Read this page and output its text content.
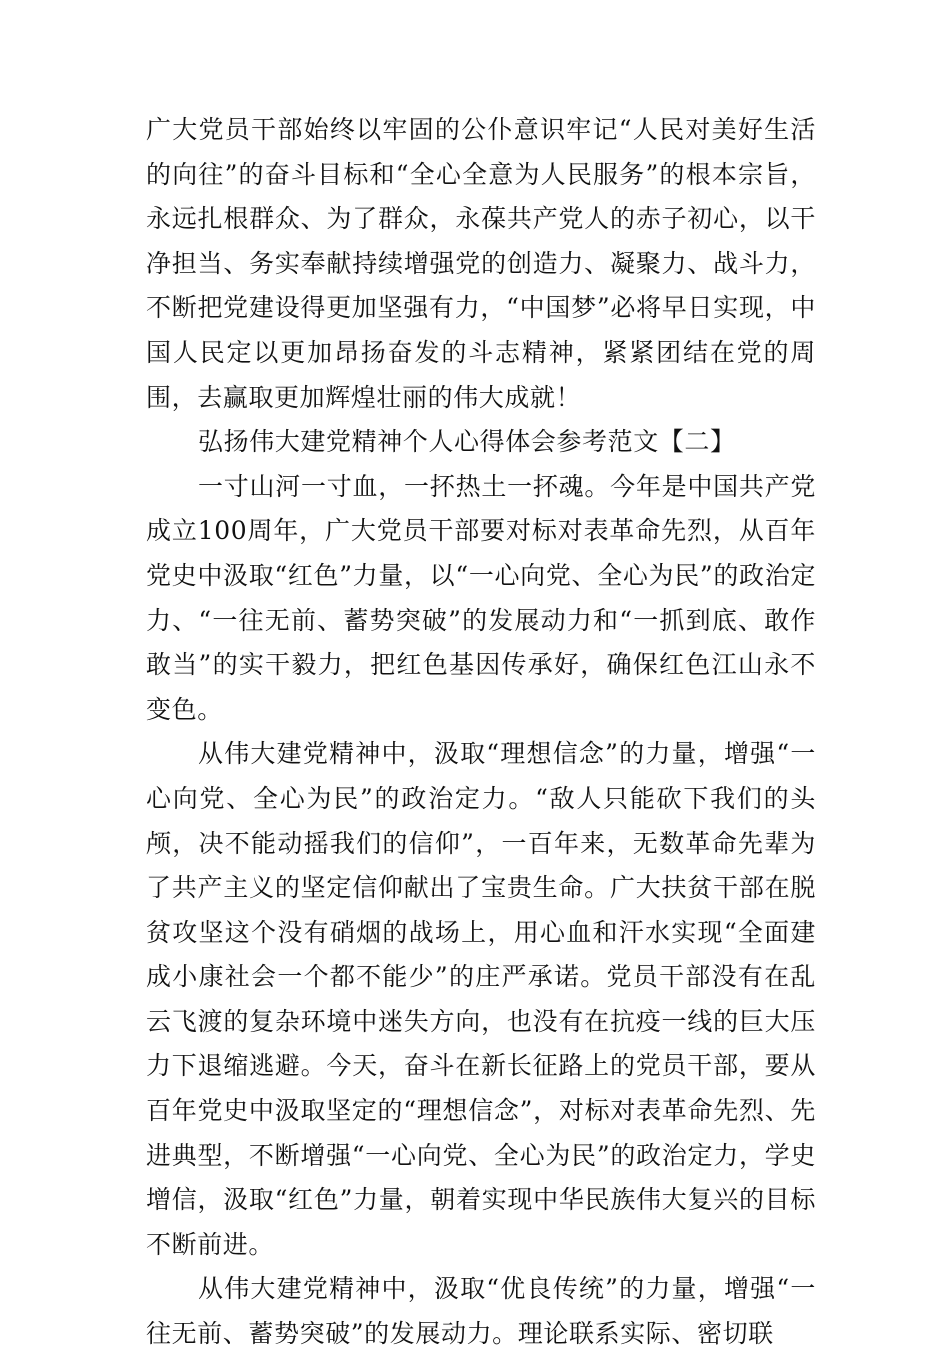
广大党员干部始终以牢固的公仆意识牢记“人民对美好生活的向往”的奋斗目标和“全心全意为人民服务”的根本宗旨，永远扎根群众、为了群众，永葆共产党人的赤子初心，以干净担当、务实奉献持续增强党的创造力、凝聚力、战斗力，不断把党建设得更加坚强有力，“中国梦”必将早日实现，中国人民定以更加昂扬奋发的斗志精神，紧紧团结在党的周围，去赢取更加辉煌壮丽的伟大成就！

弘扬伟大建党精神个人心得体会参考范文【二】

一寸山河一寸血，一抔热土一抔魂。今年是中国共产党成立100周年，广大党员干部要对标对表革命先烈，从百年党史中汲取“红色”力量，以“一心向党、全心为民”的政治定力、“一往无前、蓄势突破”的发展动力和“一抓到底、敢作敢当”的实干毅力，把红色基因传承好，确保红色江山永不变色。

从伟大建党精神中，汲取“理想信念”的力量，增强“一心向党、全心为民”的政治定力。“敌人只能砍下我们的头颅，决不能动摇我们的信仰”，一百年来，无数革命先辈为了共产主义的坚定信仰献出了宝贵生命。广大扶贫干部在脱贫攻坚这个没有硝烟的战场上，用心血和汗水实现“全面建成小康社会一个都不能少”的庄严承诺。党员干部没有在乱云飞渡的复杂环境中迷失方向，也没有在抗疫一线的巨大压力下退缩逃避。今天，奋斗在新长征路上的党员干部，要从百年党史中汲取坚定的“理想信念”，对标对表革命先烈、先进典型，不断增强“一心向党、全心为民”的政治定力，学史增信，汲取“红色”力量，朝着实现中华民族伟大复兴的目标不断前进。

从伟大建党精神中，汲取“优良传统”的力量，增强“一往无前、蓄势突破”的发展动力。理论联系实际、密切联
